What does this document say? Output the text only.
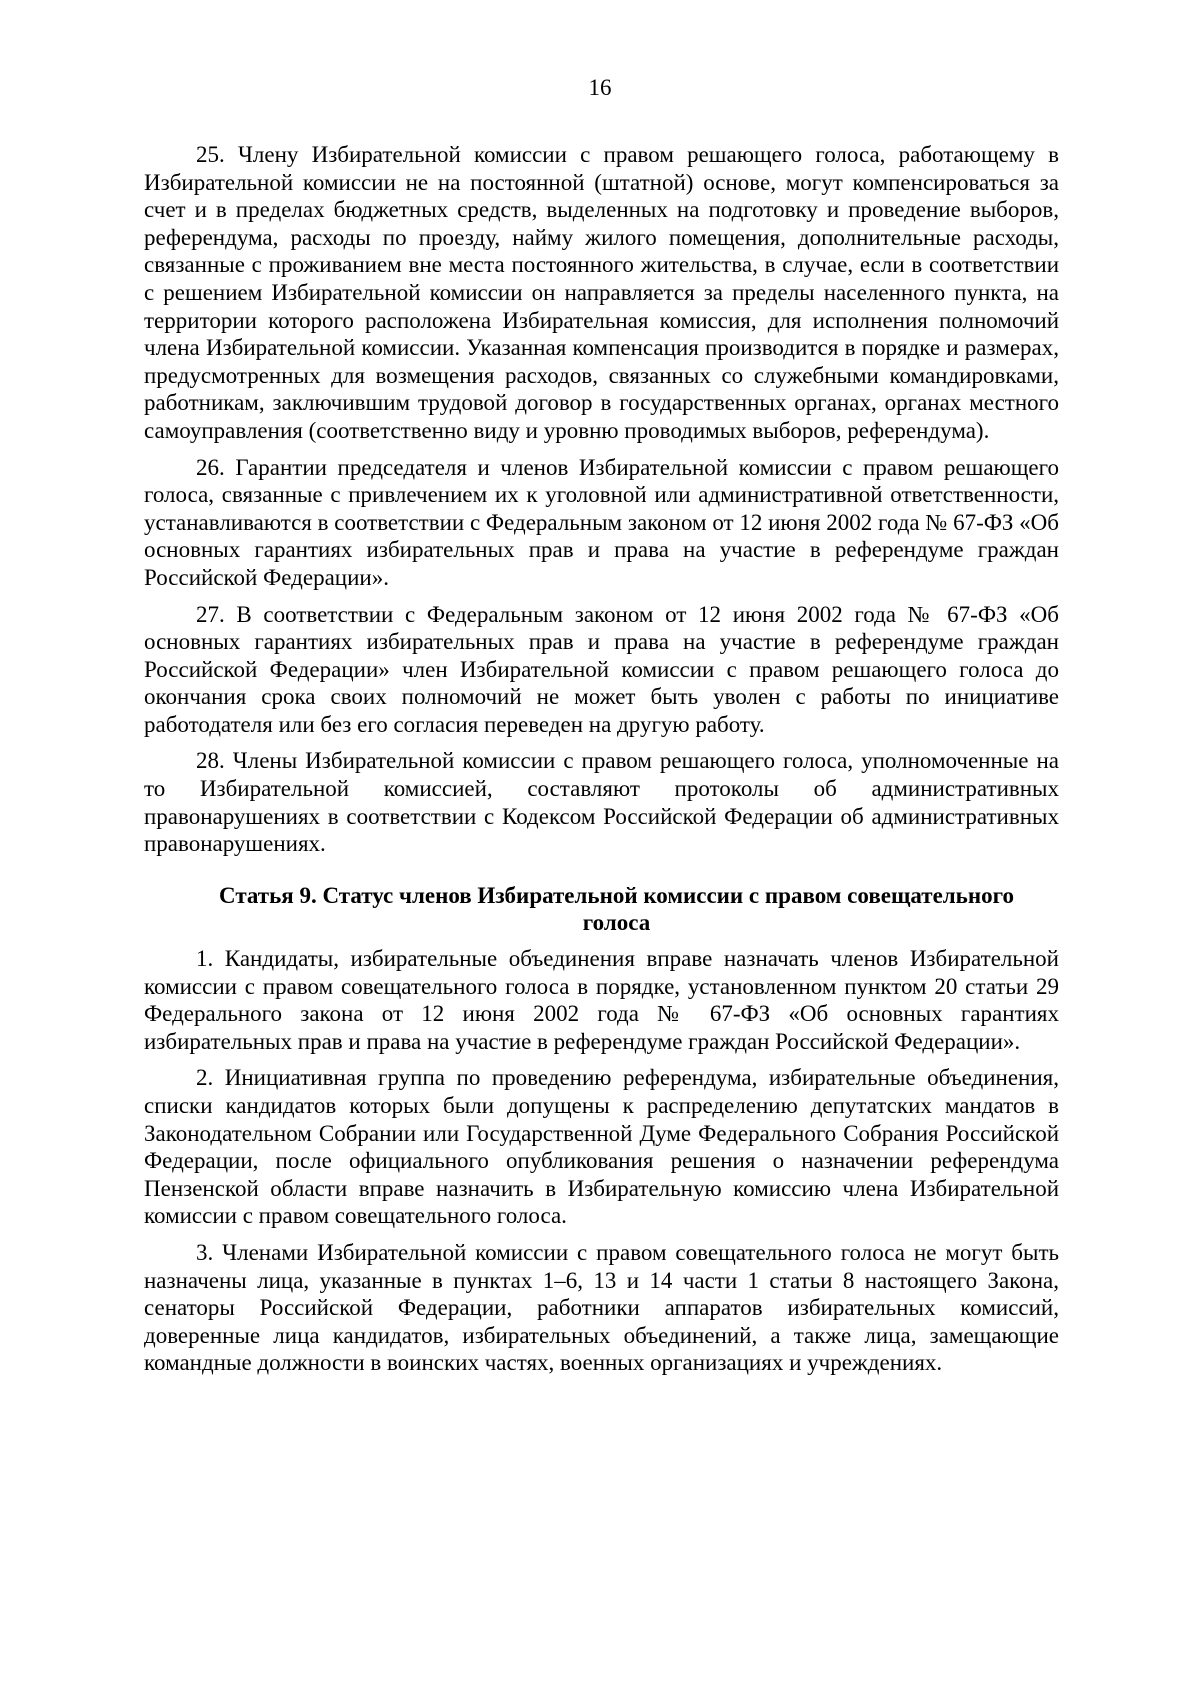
16

25. Члену Избирательной комиссии с правом решающего голоса, работающему в Избирательной комиссии не на постоянной (штатной) основе, могут компенсироваться за счет и в пределах бюджетных средств, выделенных на подготовку и проведение выборов, референдума, расходы по проезду, найму жилого помещения, дополнительные расходы, связанные с проживанием вне места постоянного жительства, в случае, если в соответствии с решением Избирательной комиссии он направляется за пределы населенного пункта, на территории которого расположена Избирательная комиссия, для исполнения полномочий члена Избирательной комиссии. Указанная компенсация производится в порядке и размерах, предусмотренных для возмещения расходов, связанных со служебными командировками, работникам, заключившим трудовой договор в государственных органах, органах местного самоуправления (соответственно виду и уровню проводимых выборов, референдума).

26. Гарантии председателя и членов Избирательной комиссии с правом решающего голоса, связанные с привлечением их к уголовной или административной ответственности, устанавливаются в соответствии с Федеральным законом от 12 июня 2002 года № 67-ФЗ «Об основных гарантиях избирательных прав и права на участие в референдуме граждан Российской Федерации».

27. В соответствии с Федеральным законом от 12 июня 2002 года № 67-ФЗ «Об основных гарантиях избирательных прав и права на участие в референдуме граждан Российской Федерации» член Избирательной комиссии с правом решающего голоса до окончания срока своих полномочий не может быть уволен с работы по инициативе работодателя или без его согласия переведен на другую работу.

28. Члены Избирательной комиссии с правом решающего голоса, уполномоченные на то Избирательной комиссией, составляют протоколы об административных правонарушениях в соответствии с Кодексом Российской Федерации об административных правонарушениях.

Статья 9. Статус членов Избирательной комиссии с правом совещательного голоса

1. Кандидаты, избирательные объединения вправе назначать членов Избирательной комиссии с правом совещательного голоса в порядке, установленном пунктом 20 статьи 29 Федерального закона от 12 июня 2002 года № 67-ФЗ «Об основных гарантиях избирательных прав и права на участие в референдуме граждан Российской Федерации».

2. Инициативная группа по проведению референдума, избирательные объединения, списки кандидатов которых были допущены к распределению депутатских мандатов в Законодательном Собрании или Государственной Думе Федерального Собрания Российской Федерации, после официального опубликования решения о назначении референдума Пензенской области вправе назначить в Избирательную комиссию члена Избирательной комиссии с правом совещательного голоса.

3. Членами Избирательной комиссии с правом совещательного голоса не могут быть назначены лица, указанные в пунктах 1–6, 13 и 14 части 1 статьи 8 настоящего Закона, сенаторы Российской Федерации, работники аппаратов избирательных комиссий, доверенные лица кандидатов, избирательных объединений, а также лица, замещающие командные должности в воинских частях, военных организациях и учреждениях.
